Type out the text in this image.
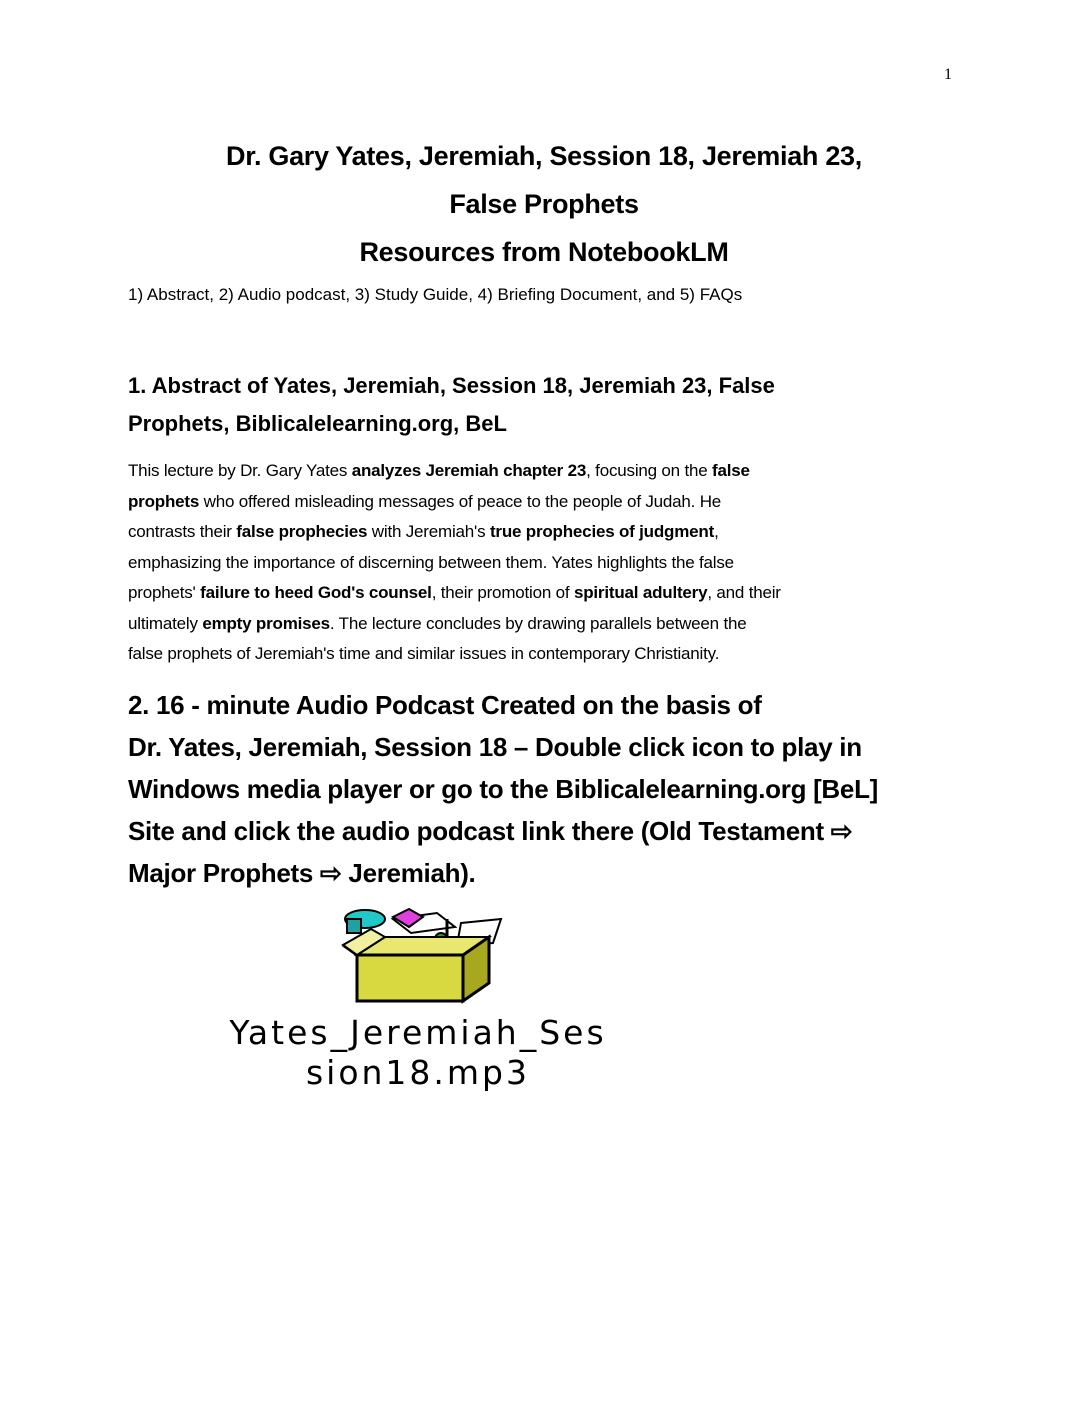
1
Dr. Gary Yates, Jeremiah, Session 18, Jeremiah 23,
False Prophets
Resources from NotebookLM
1) Abstract, 2) Audio podcast, 3) Study Guide, 4) Briefing Document, and 5) FAQs
1. Abstract of Yates, Jeremiah, Session 18, Jeremiah 23, False
Prophets, Biblicalelearning.org, BeL
This lecture by Dr. Gary Yates analyzes Jeremiah chapter 23, focusing on the false
prophets who offered misleading messages of peace to the people of Judah. He
contrasts their false prophecies with Jeremiah's true prophecies of judgment,
emphasizing the importance of discerning between them. Yates highlights the false
prophets' failure to heed God's counsel, their promotion of spiritual adultery, and their
ultimately empty promises. The lecture concludes by drawing parallels between the
false prophets of Jeremiah's time and similar issues in contemporary Christianity.
2. 16 - minute Audio Podcast Created on the basis of
Dr. Yates, Jeremiah, Session 18 – Double click icon to play in
Windows media player or go to the Biblicalelearning.org [BeL]
Site and click the audio podcast link there (Old Testament ⇨
Major Prophets ⇨ Jeremiah).
Yates_Jeremiah_Ses
sion18.mp3
